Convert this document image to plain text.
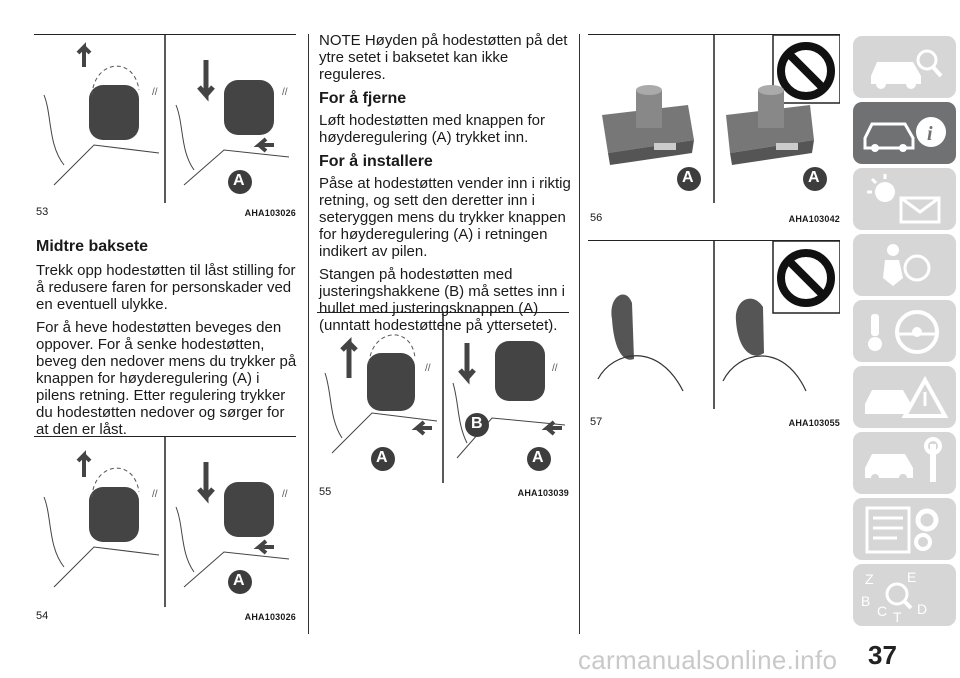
//	//
A
53	AHA103026
Midtre baksete

Trekk opp hodestøtten til låst stilling for å redusere faren for personskader ved en eventuell ulykke.

For å heve hodestøtten beveges den oppover. For å senke hodestøtten, beveg den nedover mens du trykker på knappen for høyderegulering (A) i pilens retning. Etter regulering trykker du hodestøtten nedover og sørger for at den er låst.

//	//
A
54	AHA103026

NOTE Høyden på hodestøtten på det ytre setet i baksetet kan ikke reguleres.

For å fjerne

Løft hodestøtten med knappen for høyderegulering (A) trykket inn.

For å installere

Påse at hodestøtten vender inn i riktig retning, og sett den deretter inn i seteryggen mens du trykker knappen for høyderegulering (A) i retningen indikert av pilen.

Stangen på hodestøtten med justeringshakkene (B) må settes inn i hullet med justeringsknappen (A) (unntatt hodestøttene på yttersetet).

//	//
A
B
A
55	AHA103039
A	A
56	AHA103042
57	AHA103055
i
Z E
B
C T D
37
carmanualsonline.info
